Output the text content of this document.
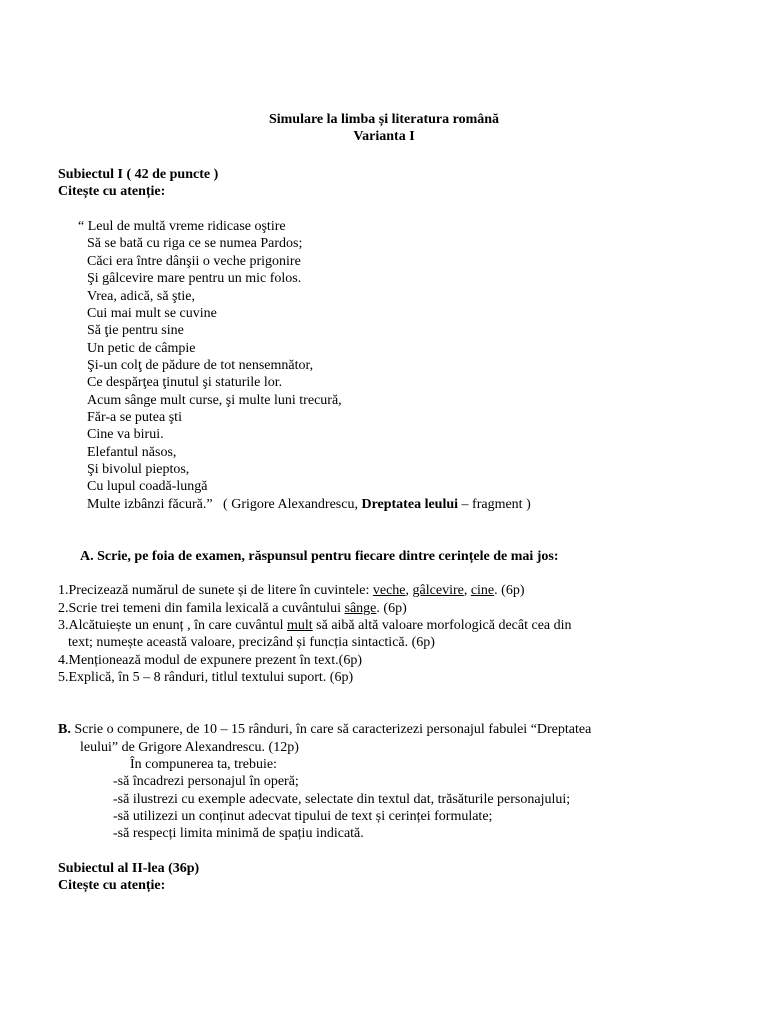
Simulare la limba și literatura română
Varianta I
Subiectul I ( 42 de puncte )
Citește cu atenție:
“ Leul de multă vreme ridicase oştire
Să se bată cu riga ce se numea Pardos;
Căci era între dânşii o veche prigonire
Şi gâlcevire mare pentru un mic folos.
Vrea, adică, să ştie,
Cui mai mult se cuvine
Să ţie pentru sine
Un petic de câmpie
Şi-un colţ de pădure de tot nensemnător,
Ce despărţea ţinutul şi staturile lor.
Acum sânge mult curse, şi multe luni trecură,
Făr-a se putea şti
Cine va birui.
Elefantul năsos,
Şi bivolul pieptos,
Cu lupul coadă-lungă
Multe izbânzi făcură.” ( Grigore Alexandrescu, Dreptatea leului – fragment )
A. Scrie, pe foia de examen, răspunsul pentru fiecare dintre cerințele de mai jos:
1.Precizează numărul de sunete și de litere în cuvintele: veche, gâlcevire, cine. (6p)
2.Scrie trei temeni din famila lexicală a cuvântului sânge. (6p)
3.Alcătuiește un enunț , în care cuvântul mult să aibă altă valoare morfologică decât cea din
text; numește această valoare, precizând și funcția sintactică. (6p)
4.Menționează modul de expunere prezent în text.(6p)
5.Explică, în 5 – 8 rânduri, titlul textului suport. (6p)
B. Scrie o compunere, de 10 – 15 rânduri, în care să caracterizezi personajul fabulei “Dreptatea
leului” de Grigore Alexandrescu. (12p)
În compunerea ta, trebuie:
-să încadrezi personajul în operă;
-să ilustrezi cu exemple adecvate, selectate din textul dat, trăsăturile personajului;
-să utilizezi un conținut adecvat tipului de text și cerinței formulate;
-să respecți limita minimă de spațiu indicată.
Subiectul al II-lea (36p)
Citește cu atenție:
